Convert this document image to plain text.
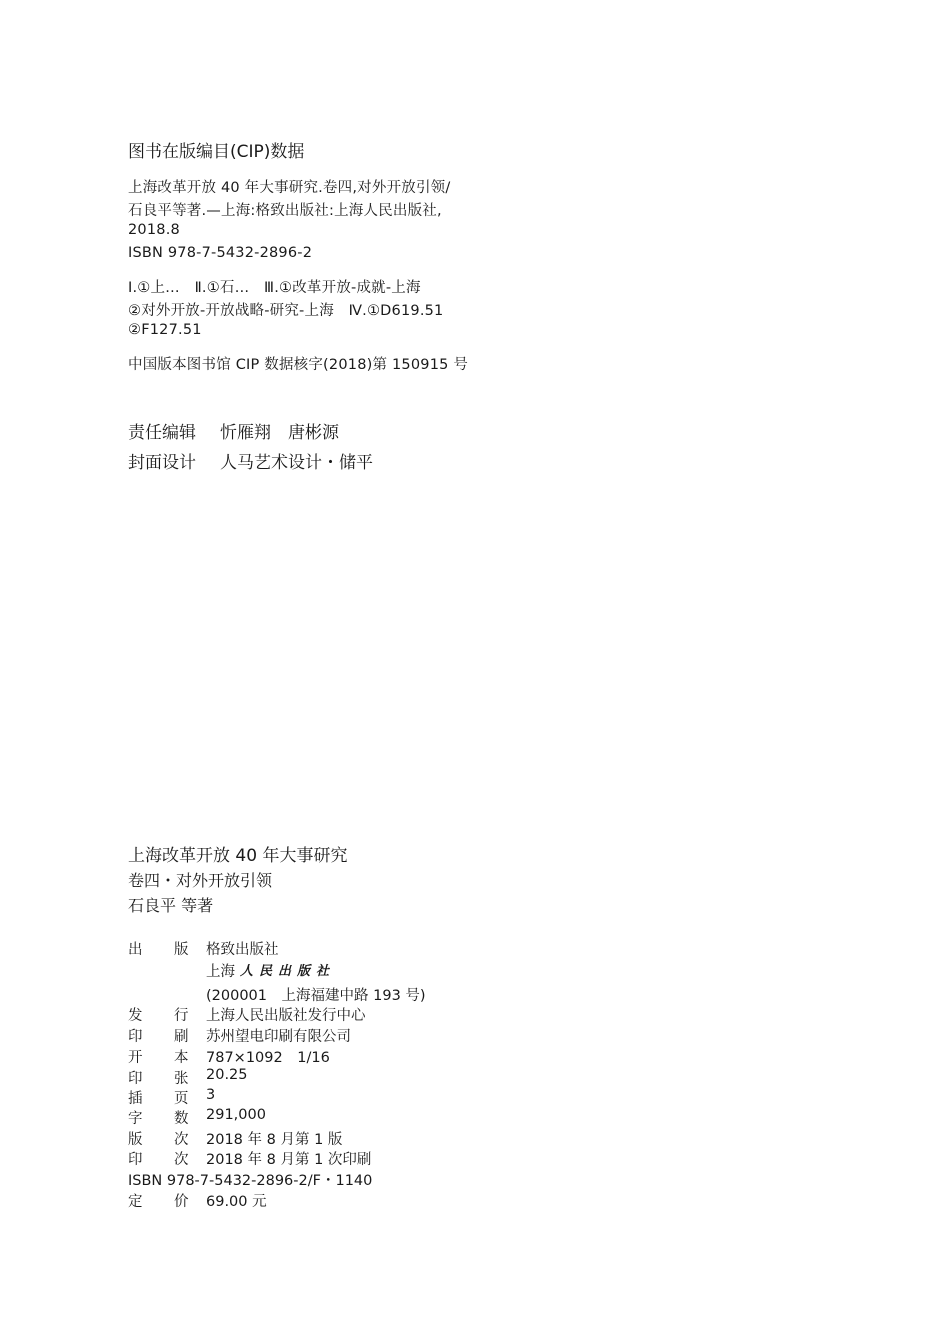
图书在版编目(CIP)数据
上海改革开放 40 年大事研究.卷四,对外开放引领/
石良平等著.—上海:格致出版社:上海人民出版社,
2018.8
ISBN 978-7-5432-2896-2
Ⅰ.①上…　Ⅱ.①石…　Ⅲ.①改革开放-成就-上海
②对外开放-开放战略-研究-上海　Ⅳ.①D619.51
②F127.51
中国版本图书馆 CIP 数据核字(2018)第 150915 号
责任编辑 忻雁翔　唐彬源
封面设计 人马艺术设计・储平
上海改革开放 40 年大事研究
卷四・对外开放引领
石良平 等著
出 版 格致出版社
上海 人民出版社
(200001　上海福建中路 193 号)
发 行 上海人民出版社发行中心
印 刷 苏州望电印刷有限公司
开 本 787×1092　1/16
印 张 20.25
插 页 3
字 数 291,000
版 次 2018 年 8 月第 1 版
印 次 2018 年 8 月第 1 次印刷
ISBN 978-7-5432-2896-2/F・1140
定 价 69.00 元
